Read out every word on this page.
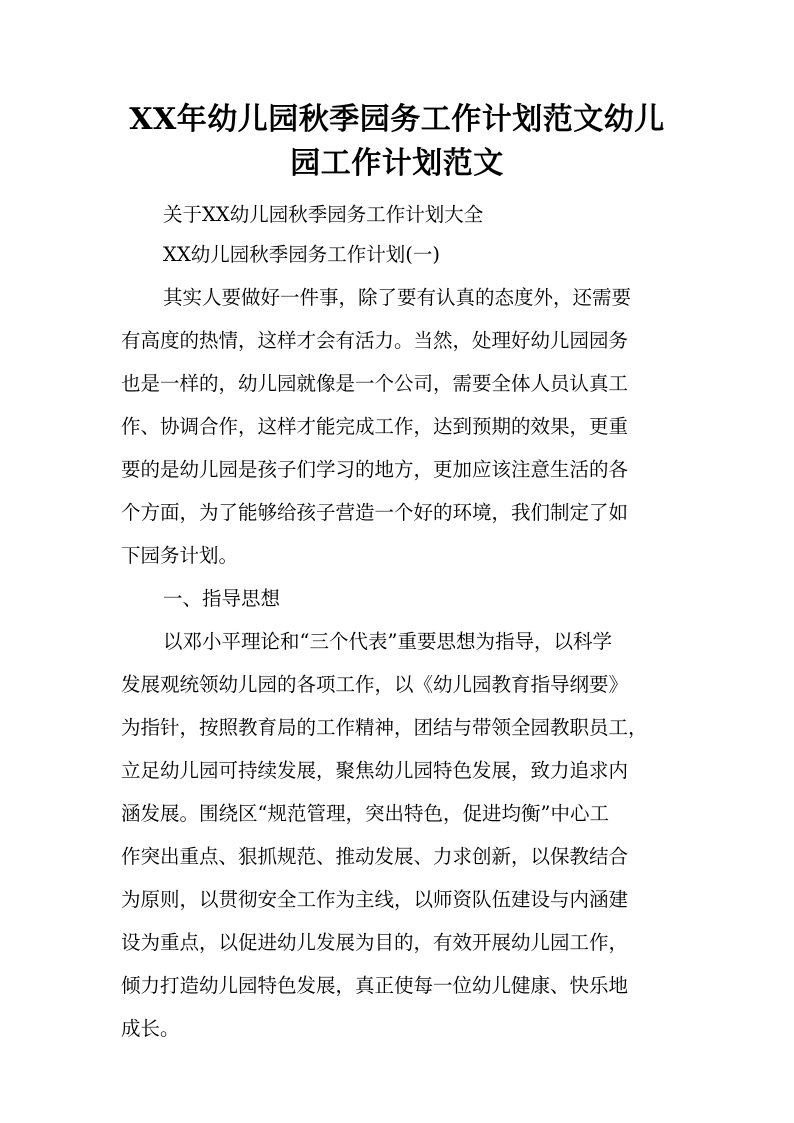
XX年幼儿园秋季园务工作计划范文幼儿
园工作计划范文
关于XX幼儿园秋季园务工作计划大全
XX幼儿园秋季园务工作计划(一)
其实人要做好一件事，除了要有认真的态度外，还需要
有高度的热情，这样才会有活力。当然，处理好幼儿园园务
也是一样的，幼儿园就像是一个公司，需要全体人员认真工
作、协调合作，这样才能完成工作，达到预期的效果，更重
要的是幼儿园是孩子们学习的地方，更加应该注意生活的各
个方面，为了能够给孩子营造一个好的环境，我们制定了如
下园务计划。
一、指导思想
以邓小平理论和“三个代表”重要思想为指导，以科学
发展观统领幼儿园的各项工作，以《幼儿园教育指导纲要》
为指针，按照教育局的工作精神，团结与带领全园教职员工，
立足幼儿园可持续发展，聚焦幼儿园特色发展，致力追求内
涵发展。围绕区“规范管理，突出特色，促进均衡”中心工
作突出重点、狠抓规范、推动发展、力求创新，以保教结合
为原则，以贯彻安全工作为主线，以师资队伍建设与内涵建
设为重点，以促进幼儿发展为目的，有效开展幼儿园工作，
倾力打造幼儿园特色发展，真正使每一位幼儿健康、快乐地
成长。
